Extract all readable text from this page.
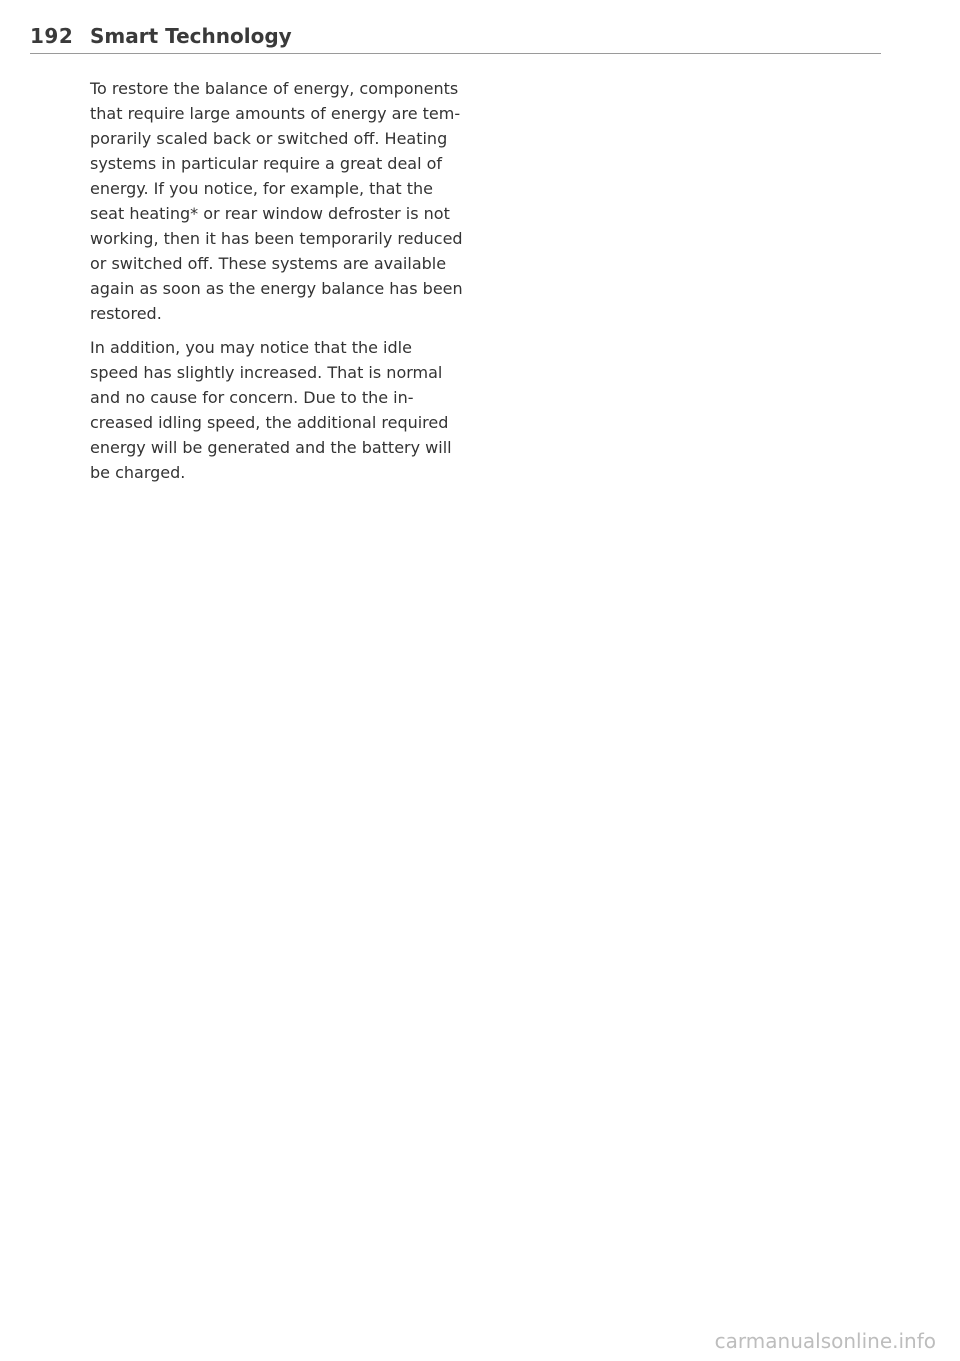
192 Smart Technology

To restore the balance of energy, components
that require large amounts of energy are tem-
porarily scaled back or switched off. Heating
systems in particular require a great deal of
energy. If you notice, for example, that the
seat heating* or rear window defroster is not
working, then it has been temporarily reduced
or switched off. These systems are available
again as soon as the energy balance has been
restored.

In addition, you may notice that the idle
speed has slightly increased. That is normal
and no cause for concern. Due to the in-
creased idling speed, the additional required
energy will be generated and the battery will
be charged.

carmanualsonline.info
